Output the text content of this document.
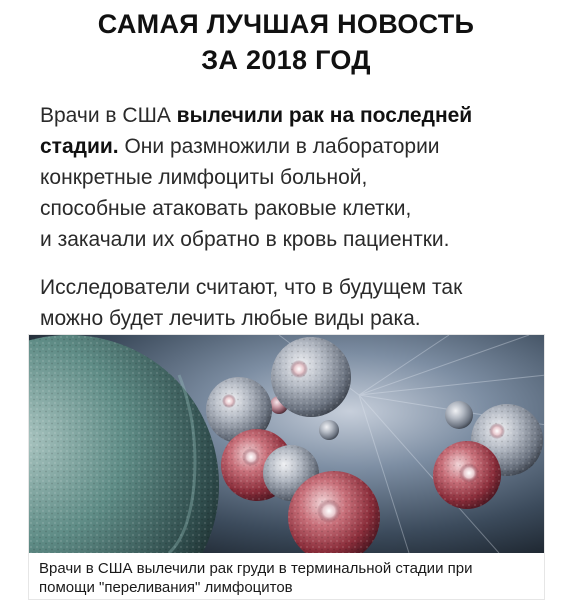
САМАЯ ЛУЧШАЯ НОВОСТЬ
ЗА 2018 ГОД
Врачи в США вылечили рак на последней
стадии. Они размножили в лаборатории
конкретные лимфоциты больной,
способные атаковать раковые клетки,
и закачали их обратно в кровь пациентки.
Исследователи считают, что в будущем так
можно будет лечить любые виды рака.
Врачи в США вылечили рак груди в терминальной стадии при
помощи "переливания" лимфоцитов
